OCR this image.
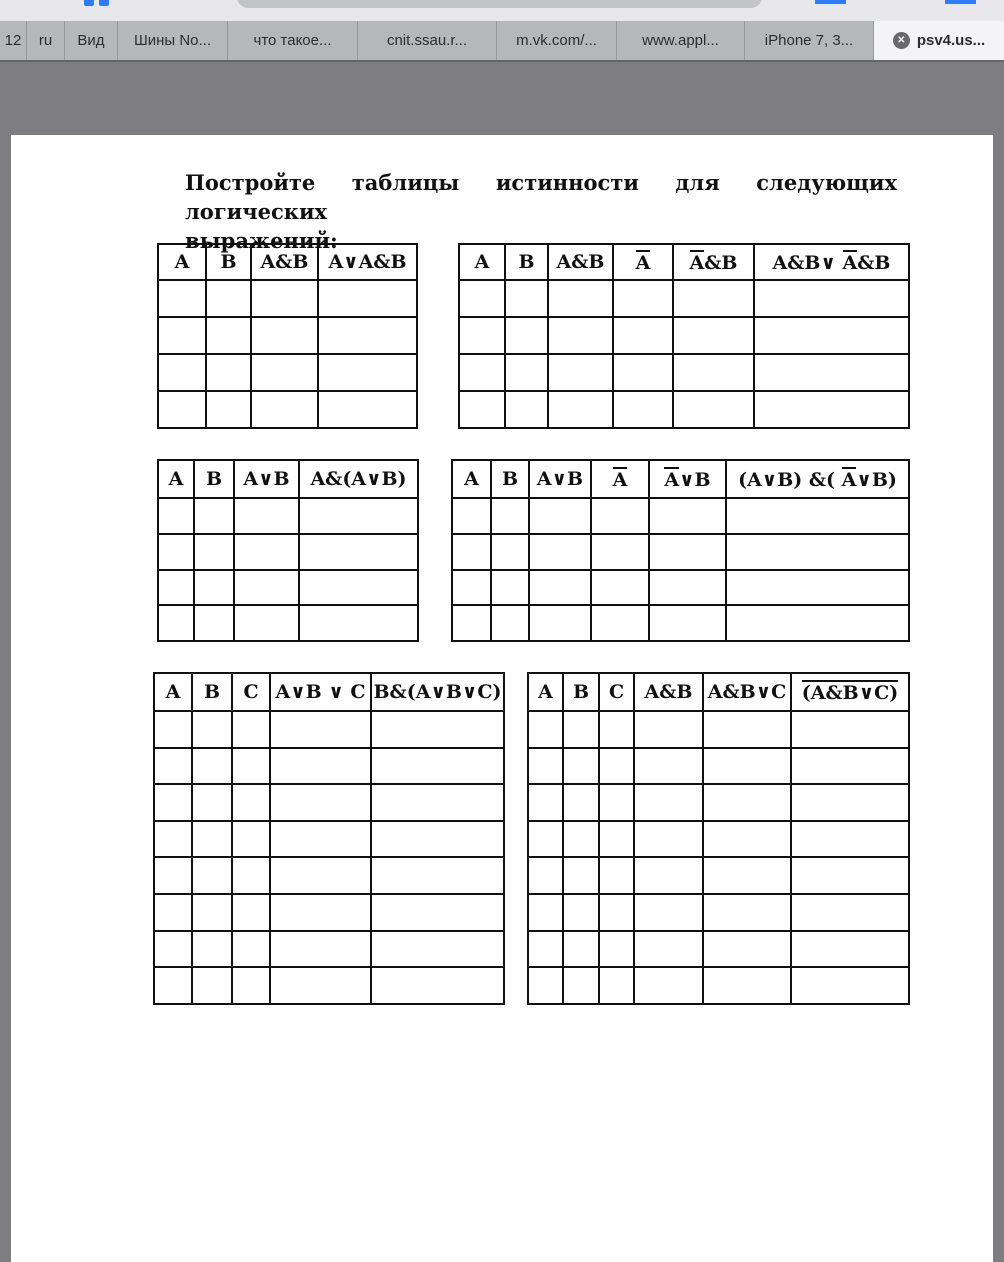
12 ru Вид Шины No...	что такое...	cnit.ssau.r...	m.vk.com/...	www.appl...	iPhone 7, 3...	✕ psv4.us...
Постройте таблицы истинности для следующих логических
выражений:
A	B	A&B	A∨A&B

				A	B	A&B	A	A&B	A&B∨ A&B

A	B	A∨B	A&(A∨B)

				A	B	A∨B	A	A∨B	(A∨B) &( A∨B)

A	B	C	A∨B ∨ C	B&(A∨B∨C)

				A	B	C	A&B	A&B∨C	(A&B∨C)
